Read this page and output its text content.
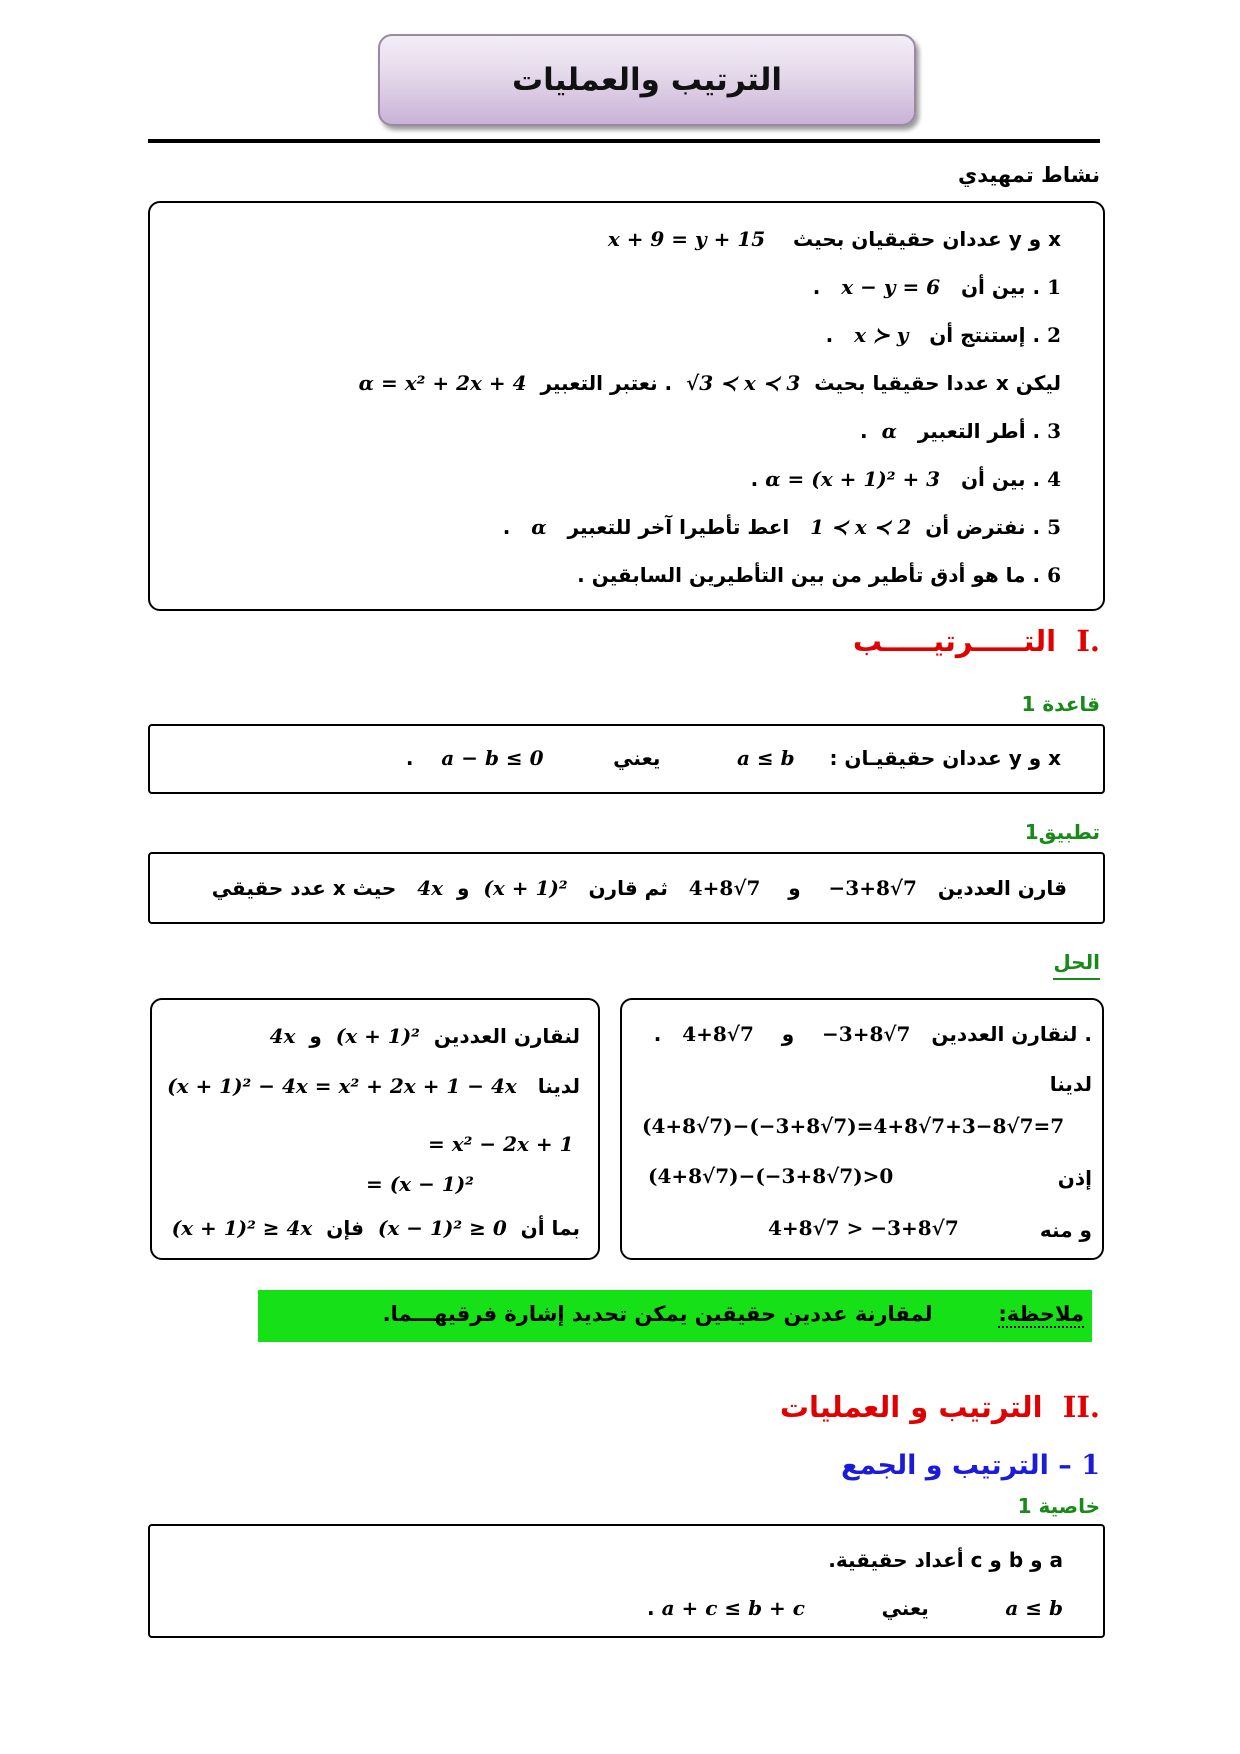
الترتيب والعمليات
نشاط تمهيدي
x و y عددان حقيقيان بحيث    x + 9 = y + 15
1 . بين أن   x − y = 6   .
2 . إستنتج أن   x ≻ y   .
ليكن x عددا حقيقيا بحيث  √3 ≺ x ≺ 3  . نعتبر التعبير  α = x² + 2x + 4
3 . أطر التعبير   α  .
4 . بين أن   α = (x + 1)² + 3 .
5 . نفترض أن  1 ≺ x ≺ 2   اعط تأطيرا آخر للتعبير   α   .
6 . ما هو أدق تأطير من بين التأطيرين السابقين .
I.  التـــــرتيـــــب
قاعدة 1
x و y عددان حقيقيـان :     a ≤ b           يعني          a − b ≤ 0    .
تطبيق1
قارن العددين   −3+8√7    و    4+8√7   ثم قارن   (x + 1)²  و  4x   حيث x عدد حقيقي
الحل
. لنقارن العددين   −3+8√7    و    4+8√7   .
لدينا
(4+8√7)−(−3+8√7)=4+8√7+3−8√7=7
إذن
(4+8√7)−(−3+8√7)>0
و منه
4+8√7 > −3+8√7
لنقارن العددين  (x + 1)²  و  4x
لدينا   (x + 1)² − 4x = x² + 2x + 1 − 4x
= x² − 2x + 1
= (x − 1)²
بما أن  (x − 1)² ≥ 0  فإن  (x + 1)² ≥ 4x
ملاحظة:         لمقارنة عددين حقيقين يمكن تحديد إشارة فرقيهـــما.
II.  الترتيب و العمليات
1 – الترتيب و الجمع
خاصية 1
a و b و c أعداد حقيقية.
a ≤ b           يعني           a + c ≤ b + c .
